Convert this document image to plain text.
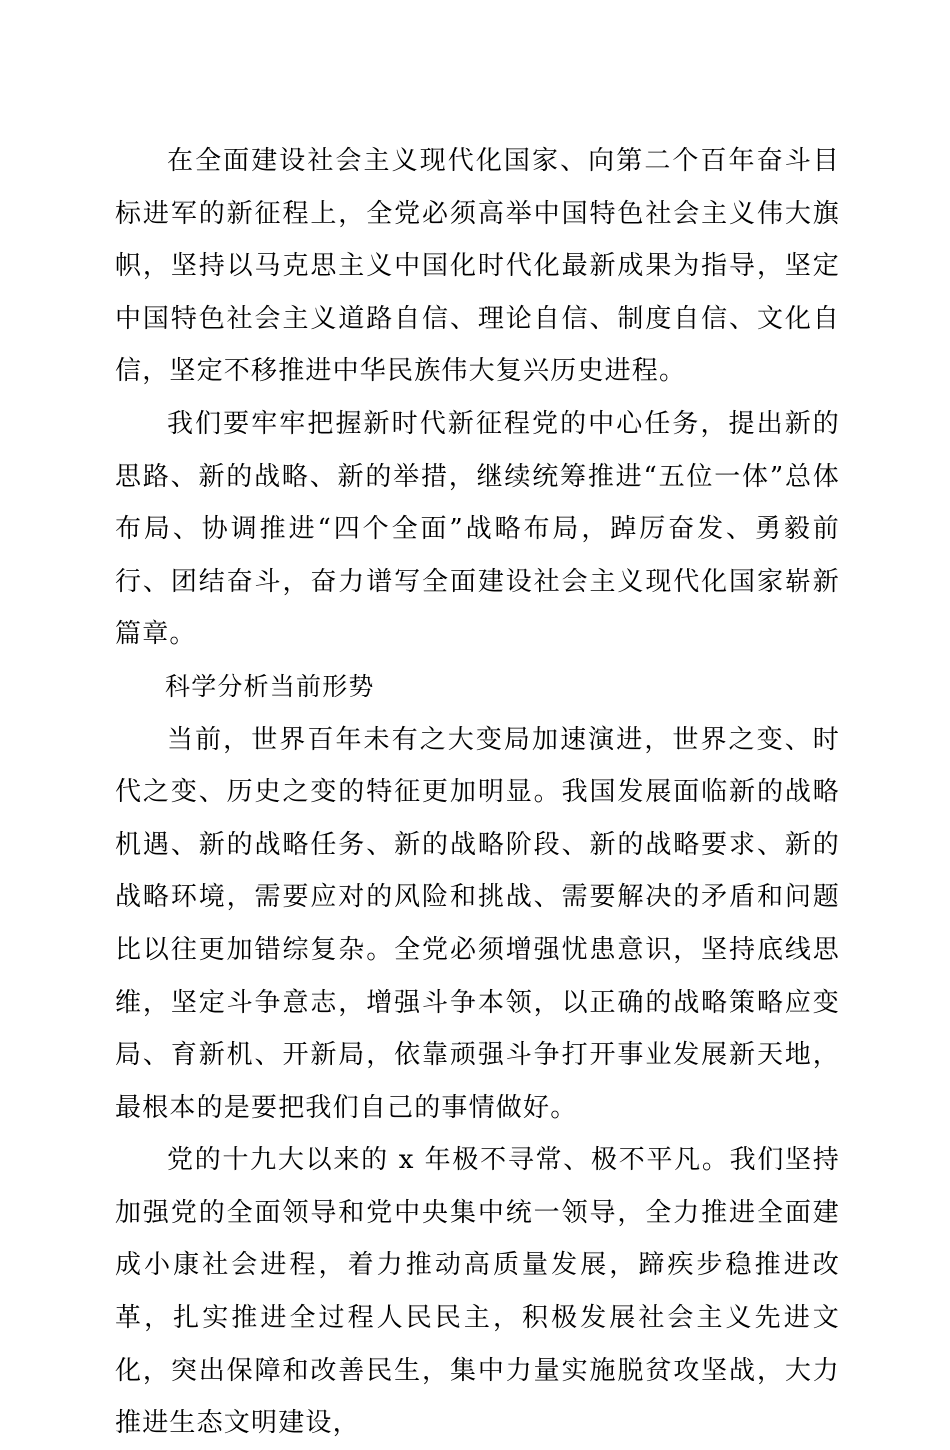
在全面建设社会主义现代化国家、向第二个百年奋斗目标进军的新征程上，全党必须高举中国特色社会主义伟大旗帜，坚持以马克思主义中国化时代化最新成果为指导，坚定中国特色社会主义道路自信、理论自信、制度自信、文化自信，坚定不移推进中华民族伟大复兴历史进程。

我们要牢牢把握新时代新征程党的中心任务，提出新的思路、新的战略、新的举措，继续统筹推进“五位一体”总体布局、协调推进“四个全面”战略布局，踔厉奋发、勇毅前行、团结奋斗，奋力谱写全面建设社会主义现代化国家崭新篇章。

科学分析当前形势

当前，世界百年未有之大变局加速演进，世界之变、时代之变、历史之变的特征更加明显。我国发展面临新的战略机遇、新的战略任务、新的战略阶段、新的战略要求、新的战略环境，需要应对的风险和挑战、需要解决的矛盾和问题比以往更加错综复杂。全党必须增强忧患意识，坚持底线思维，坚定斗争意志，增强斗争本领，以正确的战略策略应变局、育新机、开新局，依靠顽强斗争打开事业发展新天地，最根本的是要把我们自己的事情做好。

党的十九大以来的 x 年极不寻常、极不平凡。我们坚持加强党的全面领导和党中央集中统一领导，全力推进全面建成小康社会进程，着力推动高质量发展，蹄疾步稳推进改革，扎实推进全过程人民民主，积极发展社会主义先进文化，突出保障和改善民生，集中力量实施脱贫攻坚战，大力推进生态文明建设，
